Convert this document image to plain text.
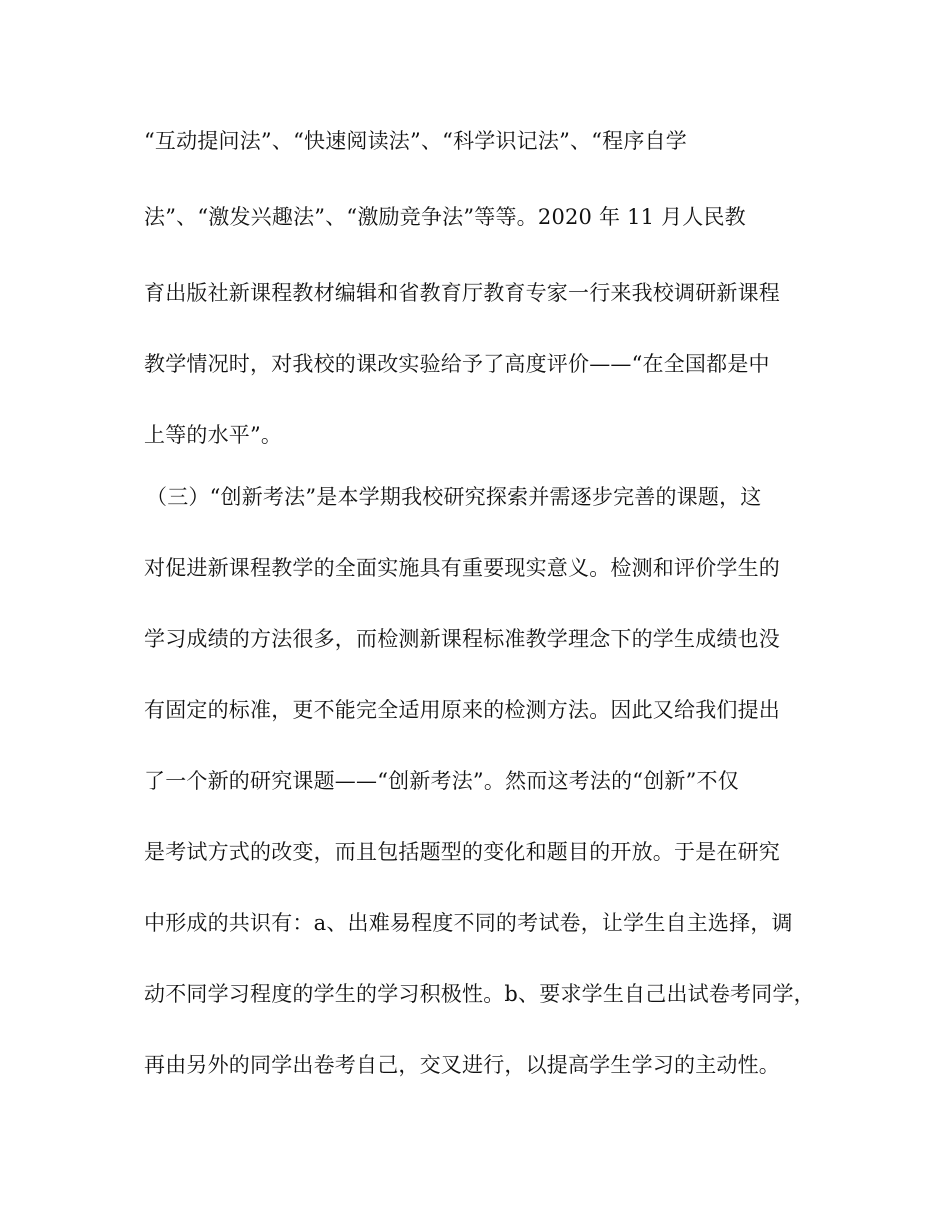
“互动提问法”、“快速阅读法”、“科学识记法”、“程序自学
法”、“激发兴趣法”、“激励竞争法”等等。2020 年 11 月人民教
育出版社新课程教材编辑和省教育厅教育专家一行来我校调研新课程
教学情况时，对我校的课改实验给予了高度评价——“在全国都是中
上等的水平”。
（三）“创新考法”是本学期我校研究探索并需逐步完善的课题，这
对促进新课程教学的全面实施具有重要现实意义。检测和评价学生的
学习成绩的方法很多，而检测新课程标准教学理念下的学生成绩也没
有固定的标准，更不能完全适用原来的检测方法。因此又给我们提出
了一个新的研究课题——“创新考法”。然而这考法的“创新”不仅
是考试方式的改变，而且包括题型的变化和题目的开放。于是在研究
中形成的共识有：a、出难易程度不同的考试卷，让学生自主选择，调
动不同学习程度的学生的学习积极性。b、要求学生自己出试卷考同学，
再由另外的同学出卷考自己，交叉进行，以提高学生学习的主动性。
